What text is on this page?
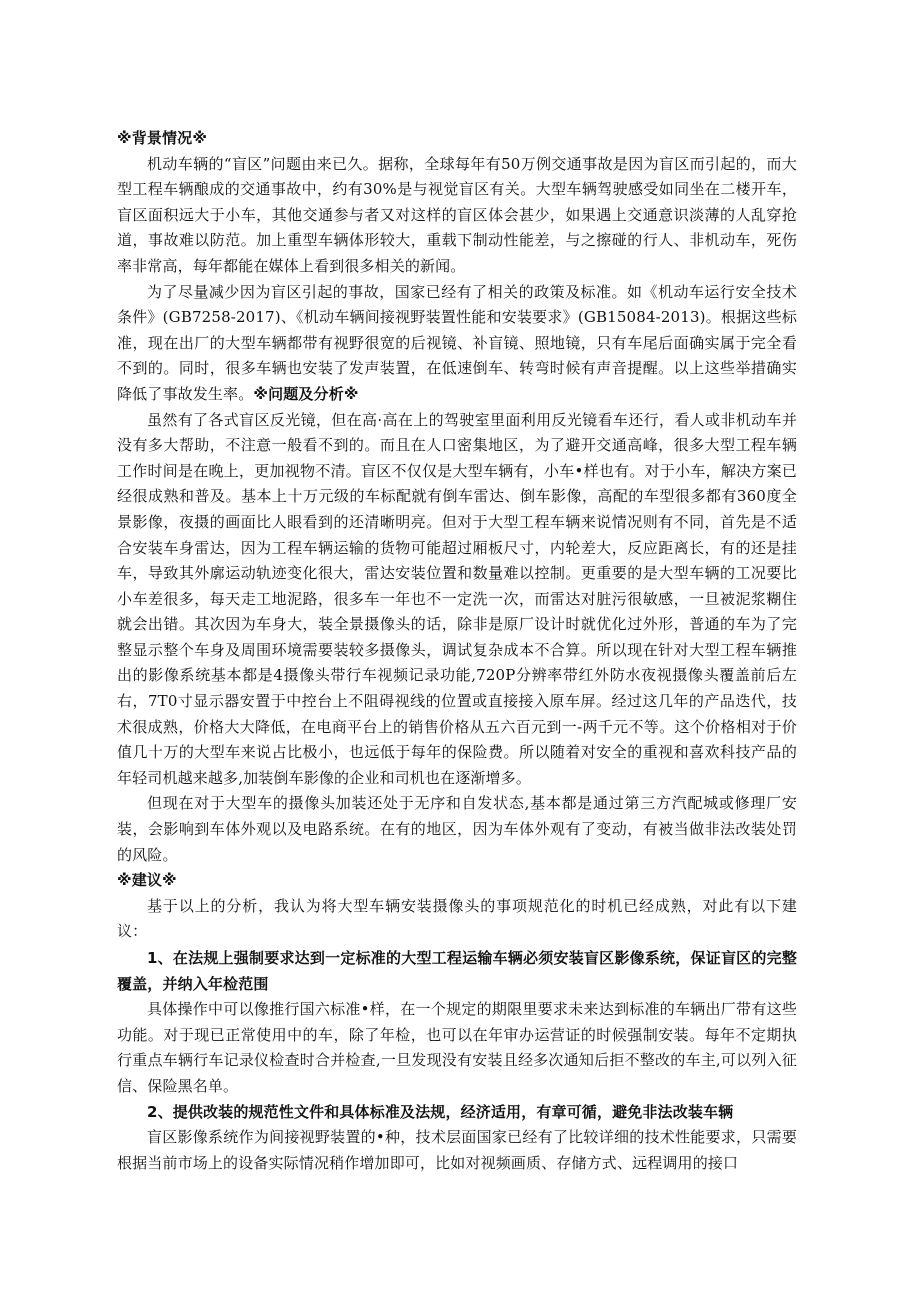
※背景情况※

机动车辆的“盲区”问题由来已久。据称，全球每年有50万例交通事故是因为盲区而引起的，而大型工程车辆酿成的交通事故中，约有30%是与视觉盲区有关。大型车辆驾驶感受如同坐在二楼开车，盲区面积远大于小车，其他交通参与者又对这样的盲区体会甚少，如果遇上交通意识淡薄的人乱穿抢道，事故难以防范。加上重型车辆体形较大，重载下制动性能差，与之擦碰的行人、非机动车，死伤率非常高，每年都能在媒体上看到很多相关的新闻。

为了尽量减少因为盲区引起的事故，国家已经有了相关的政策及标准。如《机动车运行安全技术条件》(GB7258-2017)、《机动车辆间接视野装置性能和安装要求》(GB15084-2013)。根据这些标准，现在出厂的大型车辆都带有视野很宽的后视镜、补盲镜、照地镜，只有车尾后面确实属于完全看不到的。同时，很多车辆也安装了发声装置，在低速倒车、转弯时候有声音提醒。以上这些举措确实降低了事故发生率。※问题及分析※

虽然有了各式盲区反光镜，但在高·高在上的驾驶室里面利用反光镜看车还行，看人或非机动车并没有多大帮助，不注意一般看不到的。而且在人口密集地区，为了避开交通高峰，很多大型工程车辆工作时间是在晚上，更加视物不清。盲区不仅仅是大型车辆有，小车•样也有。对于小车，解决方案已经很成熟和普及。基本上十万元级的车标配就有倒车雷达、倒车影像，高配的车型很多都有360度全景影像，夜摄的画面比人眼看到的还清晰明亮。但对于大型工程车辆来说情况则有不同，首先是不适合安装车身雷达，因为工程车辆运输的货物可能超过厢板尺寸，内轮差大，反应距离长，有的还是挂车，导致其外廓运动轨迹变化很大，雷达安装位置和数量难以控制。更重要的是大型车辆的工况要比小车差很多，每天走工地泥路，很多车一年也不一定洗一次，而雷达对脏污很敏感，一旦被泥浆糊住就会出错。其次因为车身大，装全景摄像头的话，除非是原厂设计时就优化过外形，普通的车为了完整显示整个车身及周围环境需要装较多摄像头，调试复杂成本不合算。所以现在针对大型工程车辆推出的影像系统基本都是4摄像头带行车视频记录功能,720P分辨率带红外防水夜视摄像头覆盖前后左右，7T0寸显示器安置于中控台上不阻碍视线的位置或直接接入原车屏。经过这几年的产品迭代，技术很成熟，价格大大降低，在电商平台上的销售价格从五六百元到一-两千元不等。这个价格相对于价值几十万的大型车来说占比极小，也远低于每年的保险费。所以随着对安全的重视和喜欢科技产品的年轻司机越来越多,加装倒车影像的企业和司机也在逐渐增多。

但现在对于大型车的摄像头加装还处于无序和自发状态,基本都是通过第三方汽配城或修理厂安装，会影响到车体外观以及电路系统。在有的地区，因为车体外观有了变动，有被当做非法改装处罚的风险。

※建议※

基于以上的分析，我认为将大型车辆安装摄像头的事项规范化的时机已经成熟，对此有以下建议：

1、在法规上强制要求达到一定标准的大型工程运输车辆必须安装盲区影像系统，保证盲区的完整覆盖，并纳入年检范围

具体操作中可以像推行国六标准•样，在一个规定的期限里要求未来达到标准的车辆出厂带有这些功能。对于现已正常使用中的车，除了年检，也可以在年审办运营证的时候强制安装。每年不定期执行重点车辆行车记录仪检查时合并检查,一旦发现没有安装且经多次通知后拒不整改的车主,可以列入征信、保险黑名单。

2、提供改装的规范性文件和具体标准及法规，经济适用，有章可循，避免非法改装车辆

盲区影像系统作为间接视野装置的•种，技术层面国家已经有了比较详细的技术性能要求，只需要根据当前市场上的设备实际情况稍作增加即可，比如对视频画质、存储方式、远程调用的接口
